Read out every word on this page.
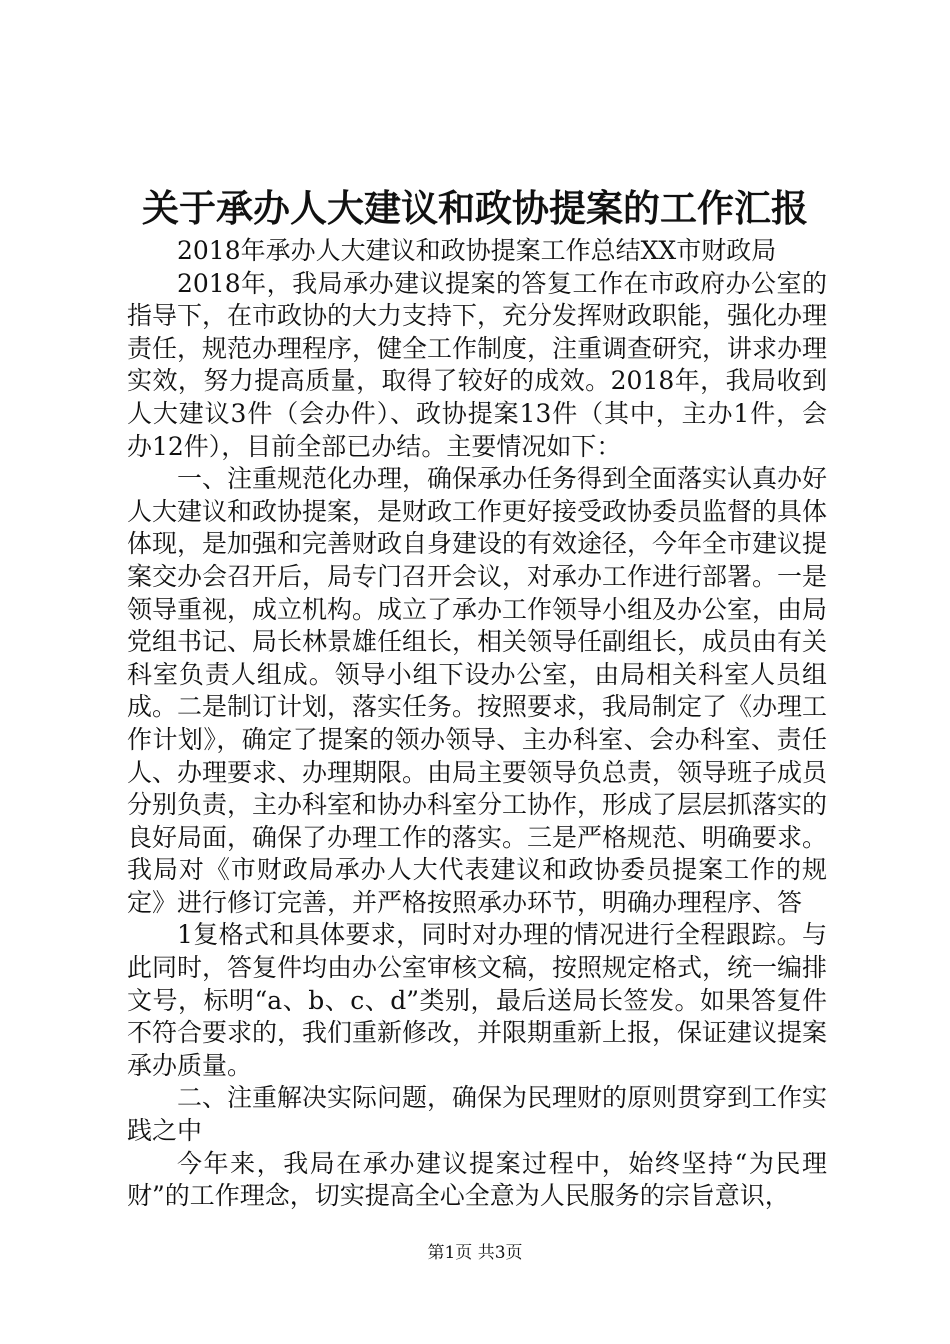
关于承办人大建议和政协提案的工作汇报

2018年承办人大建议和政协提案工作总结XX市财政局

2018年，我局承办建议提案的答复工作在市政府办公室的指导下，在市政协的大力支持下，充分发挥财政职能，强化办理责任，规范办理程序，健全工作制度，注重调查研究，讲求办理实效，努力提高质量，取得了较好的成效。2018年，我局收到人大建议3件（会办件）、政协提案13件（其中，主办1件，会办12件），目前全部已办结。主要情况如下：

一、注重规范化办理，确保承办任务得到全面落实认真办好人大建议和政协提案，是财政工作更好接受政协委员监督的具体体现，是加强和完善财政自身建设的有效途径，今年全市建议提案交办会召开后，局专门召开会议，对承办工作进行部署。一是领导重视，成立机构。成立了承办工作领导小组及办公室，由局党组书记、局长林景雄任组长，相关领导任副组长，成员由有关科室负责人组成。领导小组下设办公室，由局相关科室人员组成。二是制订计划，落实任务。按照要求，我局制定了《办理工作计划》，确定了提案的领办领导、主办科室、会办科室、责任人、办理要求、办理期限。由局主要领导负总责，领导班子成员分别负责，主办科室和协办科室分工协作，形成了层层抓落实的良好局面，确保了办理工作的落实。三是严格规范、明确要求。我局对《市财政局承办人大代表建议和政协委员提案工作的规定》进行修订完善，并严格按照承办环节，明确办理程序、答

1复格式和具体要求，同时对办理的情况进行全程跟踪。与此同时，答复件均由办公室审核文稿，按照规定格式，统一编排文号，标明“a、b、c、d”类别，最后送局长签发。如果答复件不符合要求的，我们重新修改，并限期重新上报，保证建议提案承办质量。

二、注重解决实际问题，确保为民理财的原则贯穿到工作实践之中

今年来，我局在承办建议提案过程中，始终坚持“为民理财”的工作理念，切实提高全心全意为人民服务的宗旨意识，

第1页 共3页
